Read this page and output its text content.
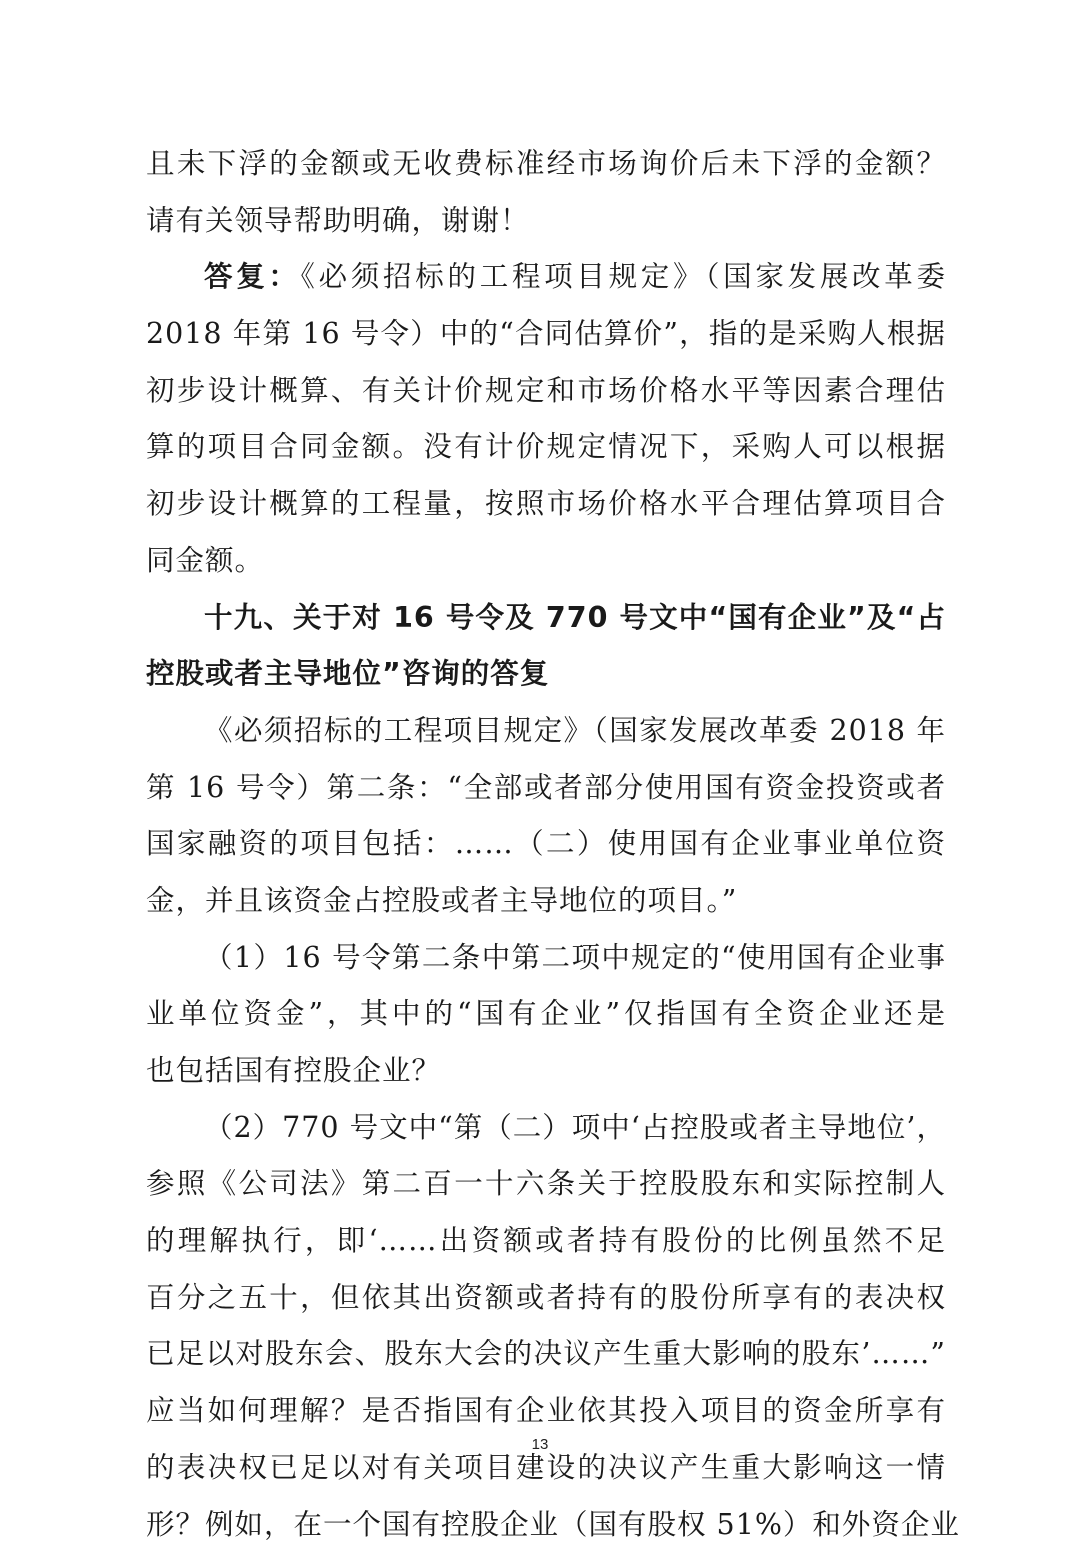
且未下浮的金额或无收费标准经市场询价后未下浮的金额？
请有关领导帮助明确，谢谢！
答复：《必须招标的工程项目规定》（国家发展改革委
2018 年第 16 号令）中的“合同估算价”，指的是采购人根据
初步设计概算、有关计价规定和市场价格水平等因素合理估
算的项目合同金额。没有计价规定情况下，采购人可以根据
初步设计概算的工程量，按照市场价格水平合理估算项目合
同金额。
十九、关于对 16 号令及 770 号文中“国有企业”及“占
控股或者主导地位”咨询的答复
《必须招标的工程项目规定》（国家发展改革委 2018 年
第 16 号令）第二条：“全部或者部分使用国有资金投资或者
国家融资的项目包括：……（二）使用国有企业事业单位资
金，并且该资金占控股或者主导地位的项目。”
（1）16 号令第二条中第二项中规定的“使用国有企业事
业单位资金”，其中的“国有企业”仅指国有全资企业还是
也包括国有控股企业？
（2）770 号文中“第（二）项中‘占控股或者主导地位’，
参照《公司法》第二百一十六条关于控股股东和实际控制人
的理解执行，即‘……出资额或者持有股份的比例虽然不足
百分之五十，但依其出资额或者持有的股份所享有的表决权
已足以对股东会、股东大会的决议产生重大影响的股东’……”
应当如何理解？是否指国有企业依其投入项目的资金所享有
的表决权已足以对有关项目建设的决议产生重大影响这一情
形？例如，在一个国有控股企业（国有股权 51%）和外资企业
13
